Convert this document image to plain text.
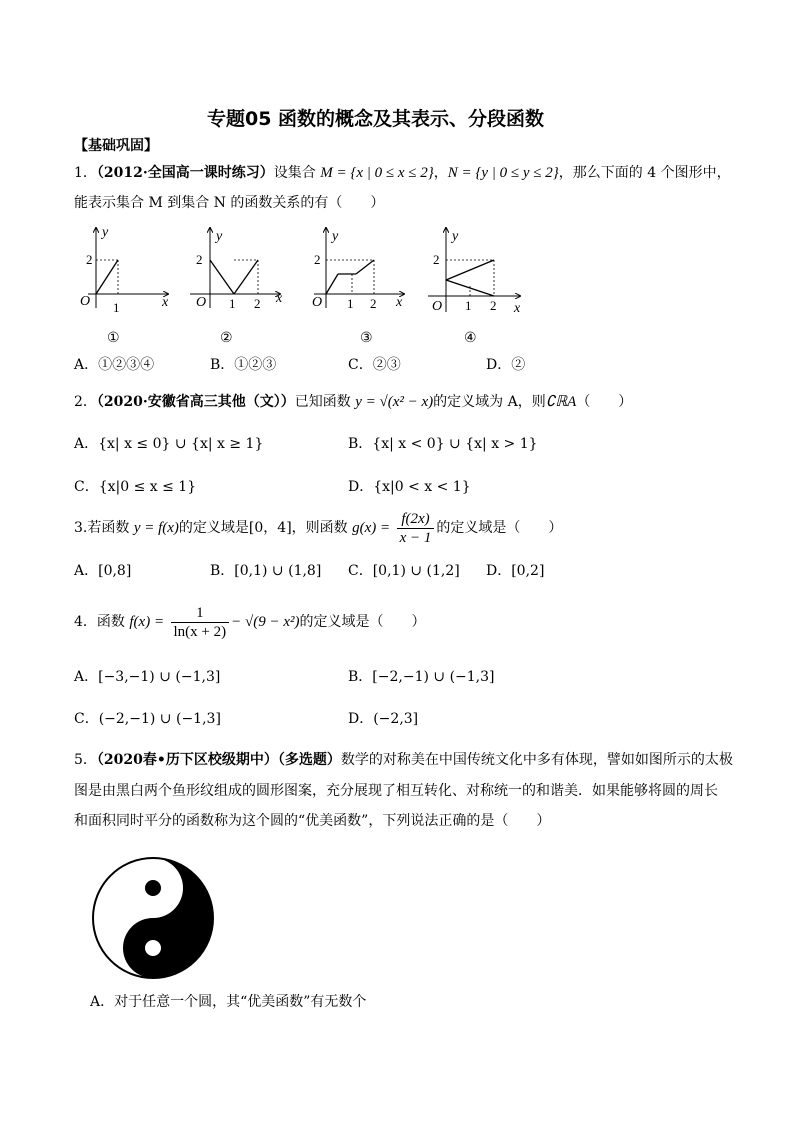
专题05 函数的概念及其表示、分段函数
【基础巩固】
1．（2012·全国高一课时练习）设集合 M = {x | 0 ≤ x ≤ 2}，N = {y | 0 ≤ y ≤ 2}，那么下面的 4 个图形中，
能表示集合 M 到集合 N 的函数关系的有（　　）
2
1
O	x
y
①
2
1 2
O	x
y
②
2
1 2
O	x
y
③
2
1 2
O	x
y
④
A．①②③④	B．①②③	C．②③	D．②
2．（2020·安徽省高三其他（文））已知函数 y = √(x² − x)的定义域为 A，则∁ℝA（　　）
A．{x| x ≤ 0} ∪ {x| x ≥ 1}	B．{x| x < 0} ∪ {x| x > 1}
C．{x|0 ≤ x ≤ 1}	D．{x|0 < x < 1}
3.若函数 y = f(x)的定义域是[0，4]，则函数 $g(x) = \frac{f(2x)}{x - 1}$ 的定义域是（　　）
A．[0,8]	B．[0,1) ∪ (1,8] C．[0,1) ∪ (1,2] D．[0,2]
4．函数 $f(x) = \frac{1}{\ln(x + 2)} - √(9 - x^2)$的定义域是（　　）
A．[−3,−1) ∪ (−1,3]	B．[−2,−1) ∪ (−1,3]
C．(−2,−1) ∪ (−1,3]	D．(−2,3]
5．（2020春•历下区校级期中）（多选题）数学的对称美在中国传统文化中多有体现，譬如如图所示的太极
图是由黑白两个鱼形纹组成的圆形图案，充分展现了相互转化、对称统一的和谐美．如果能够将圆的周长
和面积同时平分的函数称为这个圆的“优美函数”，下列说法正确的是（　　）
A．对于任意一个圆，其“优美函数”有无数个
